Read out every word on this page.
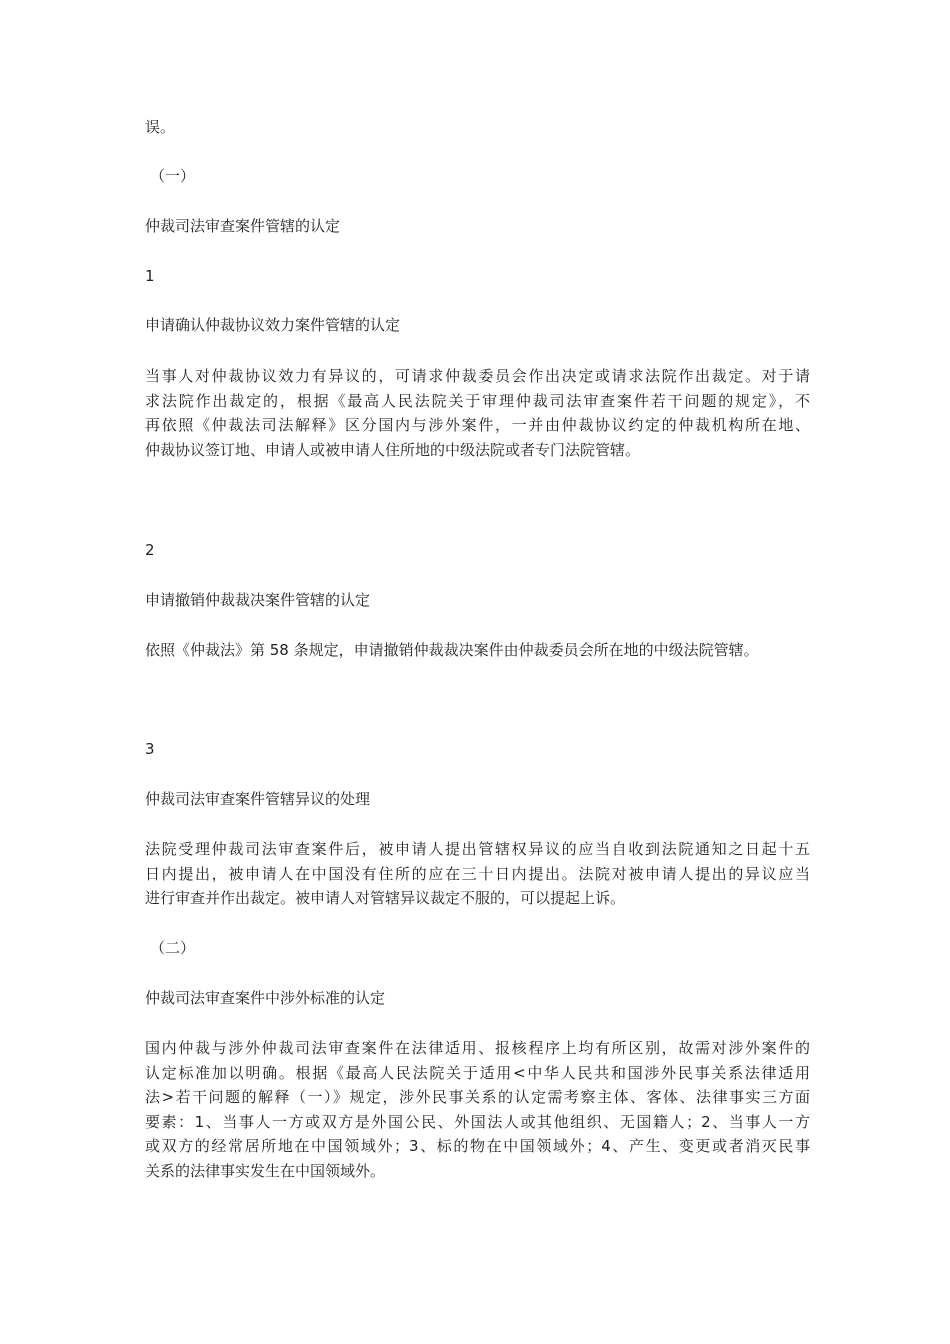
误。
（一）
仲裁司法审查案件管辖的认定
1
申请确认仲裁协议效力案件管辖的认定
当事人对仲裁协议效力有异议的，可请求仲裁委员会作出决定或请求法院作出裁定。对于请
求法院作出裁定的，根据《最高人民法院关于审理仲裁司法审查案件若干问题的规定》，不
再依照《仲裁法司法解释》区分国内与涉外案件，一并由仲裁协议约定的仲裁机构所在地、
仲裁协议签订地、申请人或被申请人住所地的中级法院或者专门法院管辖。
2
申请撤销仲裁裁决案件管辖的认定
依照《仲裁法》第 58 条规定，申请撤销仲裁裁决案件由仲裁委员会所在地的中级法院管辖。
3
仲裁司法审查案件管辖异议的处理
法院受理仲裁司法审查案件后，被申请人提出管辖权异议的应当自收到法院通知之日起十五
日内提出，被申请人在中国没有住所的应在三十日内提出。法院对被申请人提出的异议应当
进行审查并作出裁定。被申请人对管辖异议裁定不服的，可以提起上诉。
（二）
仲裁司法审查案件中涉外标准的认定
国内仲裁与涉外仲裁司法审查案件在法律适用、报核程序上均有所区别，故需对涉外案件的
认定标准加以明确。根据《最高人民法院关于适用<中华人民共和国涉外民事关系法律适用
法>若干问题的解释（一）》规定，涉外民事关系的认定需考察主体、客体、法律事实三方面
要素：1、当事人一方或双方是外国公民、外国法人或其他组织、无国籍人；2、当事人一方
或双方的经常居所地在中国领域外；3、标的物在中国领域外；4、产生、变更或者消灭民事
关系的法律事实发生在中国领域外。
